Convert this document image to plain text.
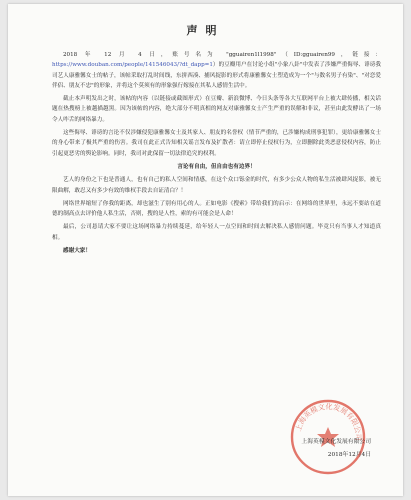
声明

2018 年 12 月 4 日，账号名为 "gguairen1l1998"（ID:gguairen99，链接：https://www.douban.com/people/141546043/?dt_dapp=1）的豆瓣用户在讨论小组"小象八卦"中发表了涉嫌严重侮辱、诽谤我司艺人康雅馨女士的帖子，该帖采取打乱时间线，东拼西凑、捕风捉影的形式将康雅馨女士塑造成为一个"与数名男子有染"、"对恋爱伴侣、朋友不忠"的形象，并将这个莫须有的形象强行嫁接在其私人感情生活中。

截止本声明发出之时，该帖的内容（以链接或截图形式）在豆瓣、新浪微博、今日头条等各大互联网平台上被大肆传播，相关话题在热搜榜上被越描越黑。因为该帖的内容，绝大部分不明真相的网友对康雅馨女士产生严重的误解和非议，甚至由此发酵出了一场令人咋舌的网络暴力。

这些侮辱、诽谤的言论不仅涉嫌侵犯康雅馨女士及其家人、朋友的名誉权（情节严重的，已涉嫌构成刑事犯罪），更给康雅馨女士的身心带来了极其严重的伤害。我司在此正式告知相关谣言发布及扩散者：请立即停止侵权行为，立即删除此类恶意侵权内容，防止引起更恶劣的舆论影响。同时，我司对此保留一切法律追究的权利。

言论有自由，但自由也有边界！

艺人的身份之下也是普通人，也有自己的私人空间和情感，在这个众口铄金的时代，有多少公众人物的私生活被肆风捉影，被无限曲解，敢忍又有多少有效的维权手段去自证清白？！

网络世界缩短了你我的距离，却也滋生了别有用心的人。正如电影《搜索》带给我们的启示：在网络的世界里，永远不要站在道德的制高点去评价他人私生活，否则，搜的是人性，索的有可能会是人命！

最后，公司恳请大家不要让这场网络暴力持续蔓延，给年轻人一点空间和时间去解决私人感情问题。毕竟只有当事人才知道真相。

感谢大家！

上海英模文化发展有限公司
上海英模文化发展有限公司
2018年12月4日
